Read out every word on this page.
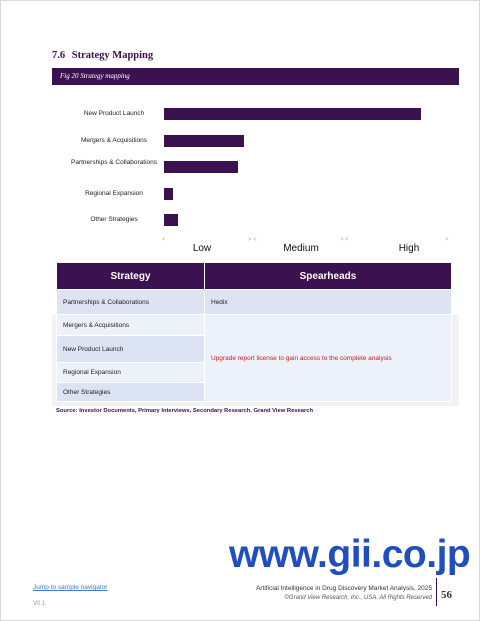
7.6 Strategy Mapping
Fig 20 Strategy mapping
New Product Launch
Mergers & Acquisitions
Partnerships & Collaborations
Regional Expansion
Other Strategies
Low	Medium	High
<	> <	> <	>
Strategy	Spearheads
Partnerships & Collaborations	Hedix
Mergers & Acquisitions	Upgrade report license to gain access to the complete analysis
New Product Launch	
Regional Expansion	
Other Strategies	
Source: Investor Documents, Primary Interviews, Secondary Research, Grand View Research
www.gii.co.jp
Jump to sample navigator
V0.1
Artificial Intelligence in Drug Discovery Market Analysis, 2025
©Grand View Research, Inc., USA. All Rights Reserved 56
